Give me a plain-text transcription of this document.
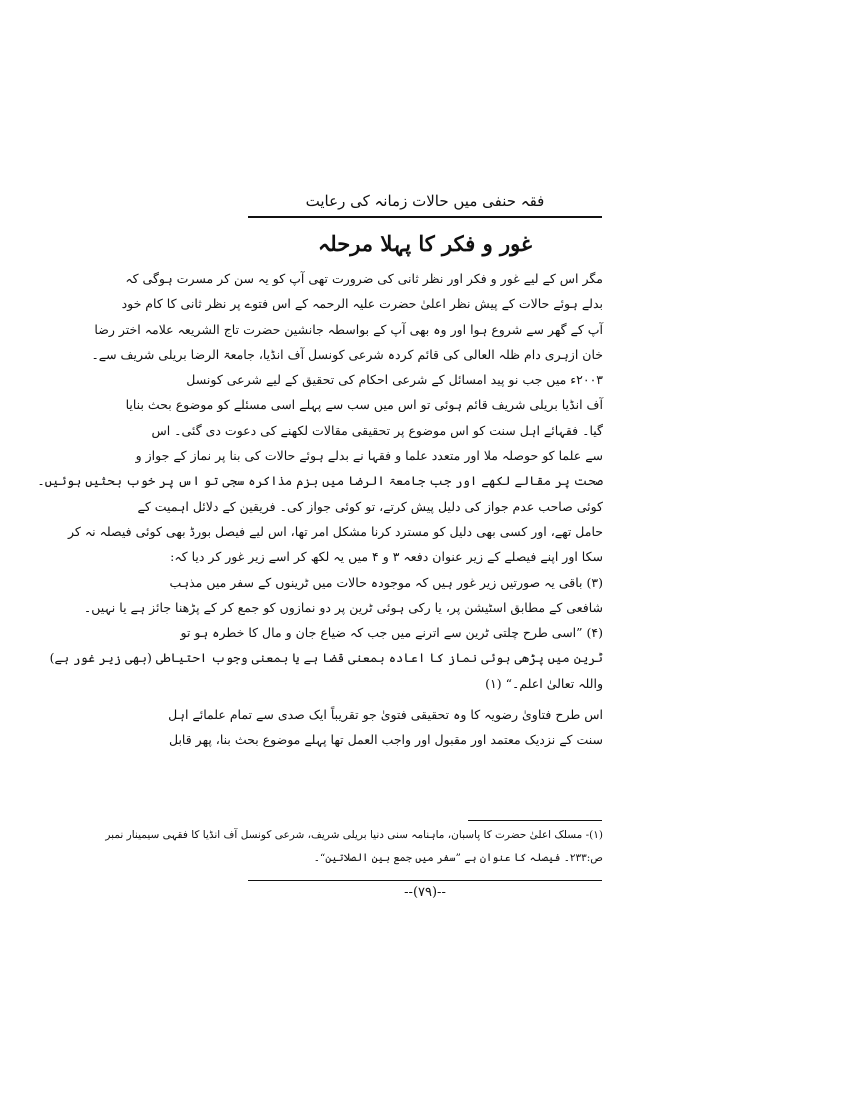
فقہ حنفی میں حالات زمانہ کی رعایت
غور و فکر کا پہلا مرحلہ
مگر اس کے لیے غور و فکر اور نظر ثانی کی ضرورت تھی آپ کو یہ سن کر مسرت ہوگی کہ
بدلے ہوئے حالات کے پیش نظر اعلیٰ حضرت علیہ الرحمہ کے اس فتوے پر نظر ثانی کا کام خود
آپ کے گھر سے شروع ہوا اور وہ بھی آپ کے بواسطہ جانشین حضرت تاج الشریعہ علامہ اختر رضا
خان ازہری دام ظلہ العالی کی قائم کردہ شرعی کونسل آف انڈیا، جامعۃ الرضا بریلی شریف سے۔
۲۰۰۳ء میں جب نو پید امسائل کے شرعی احکام کی تحقیق کے لیے شرعی کونسل
آف انڈیا بریلی شریف قائم ہوئی تو اس میں سب سے پہلے اسی مسئلے کو موضوع بحث بنایا
گیا۔ فقہائے اہل سنت کو اس موضوع پر تحقیقی مقالات لکھنے کی دعوت دی گئی۔ اس
سے علما کو حوصلہ ملا اور متعدد علما و فقہا نے بدلے ہوئے حالات کی بنا پر نماز کے جواز و
صحت پر مقالے لکھے اور جب جامعۃ الرضا میں بزم مذاکرہ سجی تو اس پر خوب بحثیں ہوئیں۔
کوئی صاحب عدم جواز کی دلیل پیش کرتے، تو کوئی جواز کی۔ فریقین کے دلائل اہمیت کے
حامل تھے، اور کسی بھی دلیل کو مسترد کرنا مشکل امر تھا، اس لیے فیصل بورڈ بھی کوئی فیصلہ نہ کر
سکا اور اپنے فیصلے کے زیر عنوان دفعہ ۳ و ۴ میں یہ لکھ کر اسے زیر غور کر دیا کہ:
(۳) باقی یہ صورتیں زیر غور ہیں کہ موجودہ حالات میں ٹرینوں کے سفر میں مذہب
شافعی کے مطابق اسٹیشن پر، یا رکی ہوئی ٹرین پر دو نمازوں کو جمع کر کے پڑھنا جائز ہے یا نہیں۔
(۴) ”اسی طرح چلتی ٹرین سے اترنے میں جب کہ ضیاع جان و مال کا خطرہ ہو تو
ٹرین میں پڑھی ہوئی نماز کا اعادہ بمعنی قضا ہے یا بمعنی وجوب احتیاطی (بھی زیر غور ہے)
واللہ تعالیٰ اعلم۔“ (۱)
اس طرح فتاویٰ رضویہ کا وہ تحقیقی فتویٰ جو تقریباً ایک صدی سے تمام علمائے اہل
سنت کے نزدیک معتمد اور مقبول اور واجب العمل تھا پہلے موضوع بحث بنا، پھر قابل
(۱)- مسلک اعلیٰ حضرت کا پاسبان، ماہنامہ سنی دنیا بریلی شریف، شرعی کونسل آف انڈیا کا فقہی سیمینار نمبر
ص:۲۳۳۔ فیصلہ کا عنوان ہے ”سفر میں جمع بین الصلاتین“۔
--(۷۹)--
